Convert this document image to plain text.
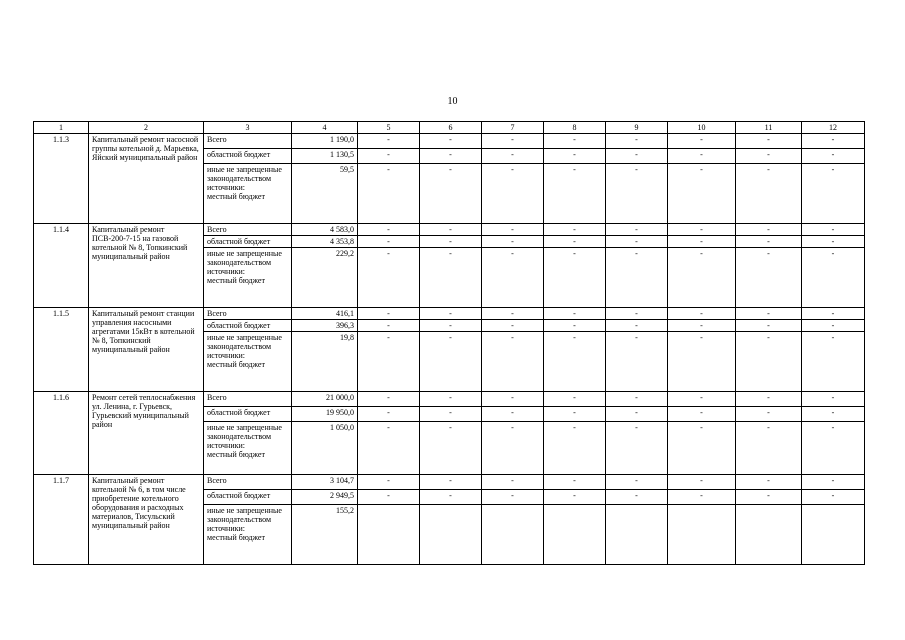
10
1	2	3	4	5	6	7	8	9	10	11	12
1.1.3	Капитальный ремонт насосной группы котельной д. Марьевка, Яйский муниципальный район	Всего	1 190,0	-	-	-	-	-	-	-	-
		областной бюджет	1 130,5	-	-	-	-	-	-	-	-

		иные не запрещенные законодательством источники:
местный бюджет	59,5	-	-	-	-	-	-	-	-
1.1.4	Капитальный ремонт ПСВ-200-7-15 на газовой котельной № 8, Топкинский муниципальный район	Всего	4 583,0	-	-	-	-	-	-	-	-
		областной бюджет	4 353,8	-	-	-	-	-	-	-	-

		иные не запрещенные законодательством источники:
местный бюджет	229,2	-	-	-	-	-	-	-	-
1.1.5	Капитальный ремонт станции управления насосными агрегатами 15кВт в котельной № 8, Топкинский муниципальный район	Всего	416,1	-	-	-	-	-	-	-	-
		областной бюджет	396,3	-	-	-	-	-	-	-	-

		иные не запрещенные законодательством источники:
местный бюджет	19,8	-	-	-	-	-	-	-	-
1.1.6	Ремонт сетей теплоснабжения ул. Ленина, г. Гурьевск, Гурьевский муниципальный район	Всего	21 000,0	-	-	-	-	-	-	-	-
		областной бюджет	19 950,0	-	-	-	-	-	-	-	-

		иные не запрещенные законодательством источники:
местный бюджет	1 050,0	-	-	-	-	-	-	-	-
1.1.7	Капитальный ремонт котельной № 6, в том числе приобретение котельного оборудования и расходных материалов, Тисульский муниципальный район	Всего	3 104,7	-	-	-	-	-	-	-	-
		областной бюджет	2 949,5	-	-	-	-	-	-	-	-

		иные не запрещенные законодательством источники:
местный бюджет	155,2								
